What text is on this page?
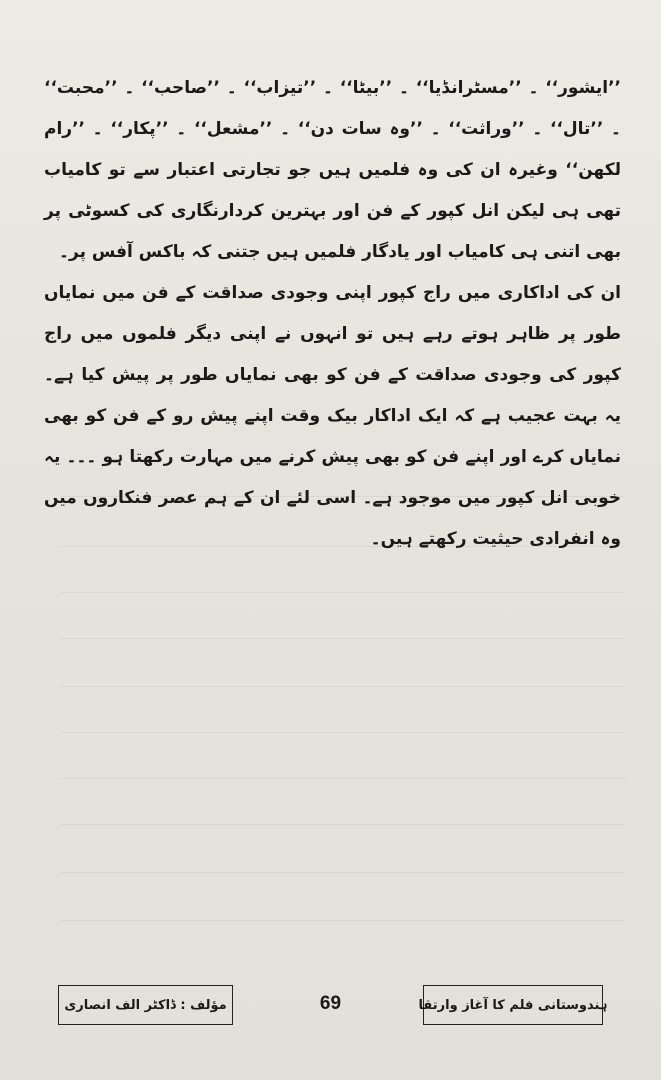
’’ایشور‘‘ ۔ ’’مسٹرانڈیا‘‘ ۔ ’’بیٹا‘‘ ۔ ’’تیزاب‘‘ ۔ ’’صاحب‘‘ ۔ ’’محبت‘‘ ۔ ’’تال‘‘ ۔ ’’وراثت‘‘ ۔ ’’وہ سات دن‘‘ ۔ ’’مشعل‘‘ ۔ ’’پکار‘‘ ۔ ’’رام لکھن‘‘ وغیرہ ان کی وہ فلمیں ہیں جو تجارتی اعتبار سے تو کامیاب تھی ہی لیکن انل کپور کے فن اور بہترین کردارنگاری کی کسوٹی پر بھی اتنی ہی کامیاب اور یادگار فلمیں ہیں جتنی کہ باکس آفس پر۔

ان کی اداکاری میں راج کپور اپنی وجودی صداقت کے فن میں نمایاں طور پر ظاہر ہوتے رہے ہیں تو انہوں نے اپنی دیگر فلموں میں راج کپور کی وجودی صداقت کے فن کو بھی نمایاں طور پر پیش کیا ہے۔ یہ بہت عجیب ہے کہ ایک اداکار بیک وقت اپنے پیش رو کے فن کو بھی نمایاں کرے اور اپنے فن کو بھی پیش کرنے میں مہارت رکھتا ہو ۔۔۔ یہ خوبی انل کپور میں موجود ہے۔ اسی لئے ان کے ہم عصر فنکاروں میں وہ انفرادی حیثیت رکھتے ہیں۔

مؤلف : ڈاکٹر الف انصاری	69	ہندوستانی فلم کا آغاز وارتقا
